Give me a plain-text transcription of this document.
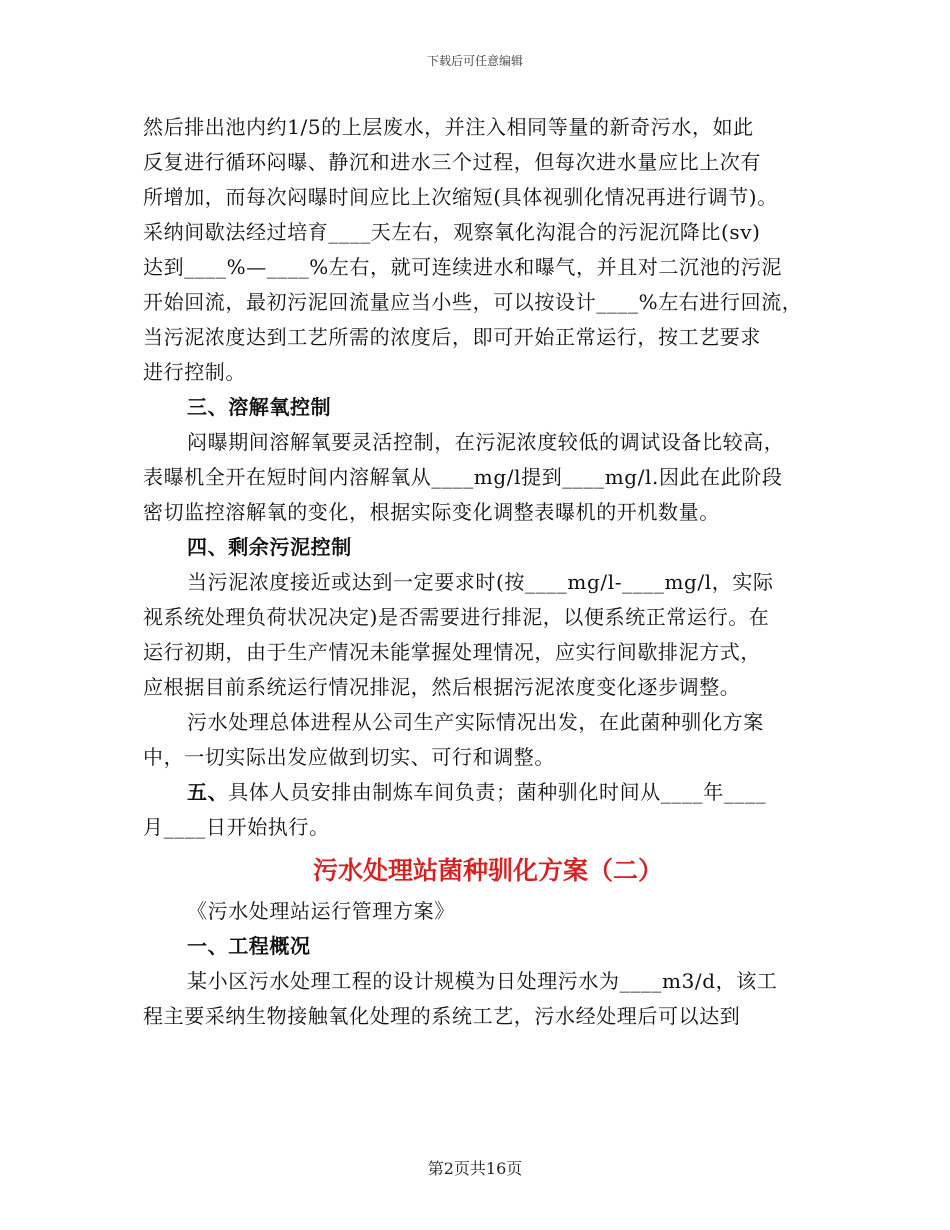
下载后可任意编辑
然后排出池内约1/5的上层废水，并注入相同等量的新奇污水，如此
反复进行循环闷曝、静沉和进水三个过程，但每次进水量应比上次有
所增加，而每次闷曝时间应比上次缩短(具体视驯化情况再进行调节)。
采纳间歇法经过培育____天左右，观察氧化沟混合的污泥沉降比(sv)
达到____%—____%左右，就可连续进水和曝气，并且对二沉池的污泥
开始回流，最初污泥回流量应当小些，可以按设计____%左右进行回流，
当污泥浓度达到工艺所需的浓度后，即可开始正常运行，按工艺要求
进行控制。
三、溶解氧控制
闷曝期间溶解氧要灵活控制，在污泥浓度较低的调试设备比较高，
表曝机全开在短时间内溶解氧从____mg/l提到____mg/l.因此在此阶段
密切监控溶解氧的变化，根据实际变化调整表曝机的开机数量。
四、剩余污泥控制
当污泥浓度接近或达到一定要求时(按____mg/l-____mg/l，实际
视系统处理负荷状况决定)是否需要进行排泥，以便系统正常运行。在
运行初期，由于生产情况未能掌握处理情况，应实行间歇排泥方式，
应根据目前系统运行情况排泥，然后根据污泥浓度变化逐步调整。
污水处理总体进程从公司生产实际情况出发，在此菌种驯化方案
中，一切实际出发应做到切实、可行和调整。
五、具体人员安排由制炼车间负责；菌种驯化时间从____年____
月____日开始执行。
污水处理站菌种驯化方案（二）
《污水处理站运行管理方案》
一、工程概况
某小区污水处理工程的设计规模为日处理污水为____m3/d，该工
程主要采纳生物接触氧化处理的系统工艺，污水经处理后可以达到
第2页共16页
